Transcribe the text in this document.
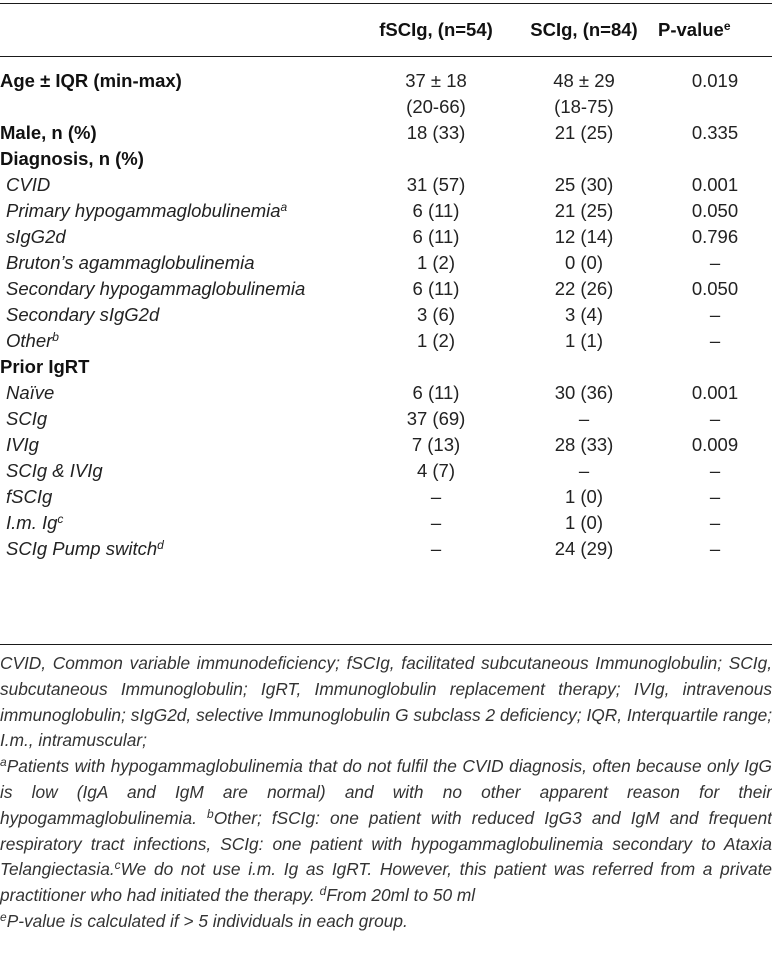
	fSCIg, (n=54)	SCIg, (n=84)	P-value$^e$

Age ± IQR (min-max)	37 ± 18	48 ± 29	0.019
	(20-66)	(18-75)	
Male, n (%)	18 (33)	21 (25)	0.335
Diagnosis, n (%)			
CVID	31 (57)	25 (30)	0.001
Primary hypogammaglobulinemia$^a$	6 (11)	21 (25)	0.050
sIgG2d	6 (11)	12 (14)	0.796
Bruton’s agammaglobulinemia	1 (2)	0 (0)	–
Secondary hypogammaglobulinemia	6 (11)	22 (26)	0.050
Secondary sIgG2d	3 (6)	3 (4)	–
Other$^b$	1 (2)	1 (1)	–
Prior IgRT			
Naïve	6 (11)	30 (36)	0.001
SCIg	37 (69)	–	–
IVIg	7 (13)	28 (33)	0.009
SCIg & IVIg	4 (7)	–	–
fSCIg	–	1 (0)	–
I.m. Ig$^c$	–	1 (0)	–
SCIg Pump switch$^d$	–	24 (29)	–

CVID, Common variable immunodeficiency; fSCIg, facilitated subcutaneous Immunoglobulin; SCIg, subcutaneous Immunoglobulin; IgRT, Immunoglobulin replacement therapy; IVIg, intravenous immunoglobulin; sIgG2d, selective Immunoglobulin G subclass 2 deficiency; IQR, Interquartile range; I.m., intramuscular;

$^a$Patients with hypogammaglobulinemia that do not fulfil the CVID diagnosis, often because only IgG is low (IgA and IgM are normal) and with no other apparent reason for their hypogammaglobulinemia. $^b$Other; fSCIg: one patient with reduced IgG3 and IgM and frequent respiratory tract infections, SCIg: one patient with hypogammaglobulinemia secondary to Ataxia Telangiectasia.$^c$We do not use i.m. Ig as IgRT. However, this patient was referred from a private practitioner who had initiated the therapy. $^d$From 20ml to 50 ml

$^e$P-value is calculated if > 5 individuals in each group.
